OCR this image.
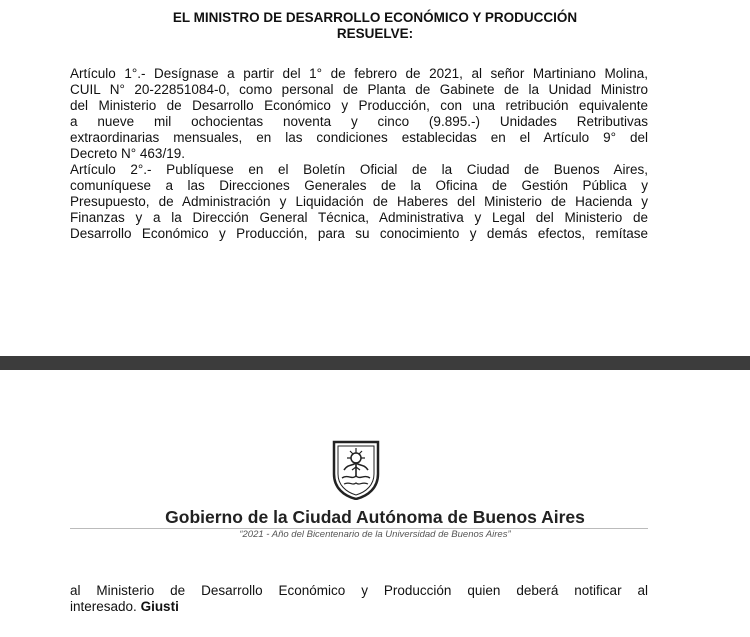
EL MINISTRO DE DESARROLLO ECONÓMICO Y PRODUCCIÓN

RESUELVE:

Artículo 1°.- Desígnase a partir del 1° de febrero de 2021, al señor Martiniano Molina,
CUIL N° 20-22851084-0, como personal de Planta de Gabinete de la Unidad Ministro
del Ministerio de Desarrollo Económico y Producción, con una retribución equivalente
a nueve mil ochocientas noventa y cinco (9.895.-) Unidades Retributivas
extraordinarias mensuales, en las condiciones establecidas en el Artículo 9° del
Decreto N° 463/19.
Artículo 2°.- Publíquese en el Boletín Oficial de la Ciudad de Buenos Aires,
comuníquese a las Direcciones Generales de la Oficina de Gestión Pública y
Presupuesto, de Administración y Liquidación de Haberes del Ministerio de Hacienda y
Finanzas y a la Dirección General Técnica, Administrativa y Legal del Ministerio de
Desarrollo Económico y Producción, para su conocimiento y demás efectos, remítase
Gobierno de la Ciudad Autónoma de Buenos Aires
“2021 - Año del Bicentenario de la Universidad de Buenos Aires”
al Ministerio de Desarrollo Económico y Producción quien deberá notificar al
interesado. Giusti
